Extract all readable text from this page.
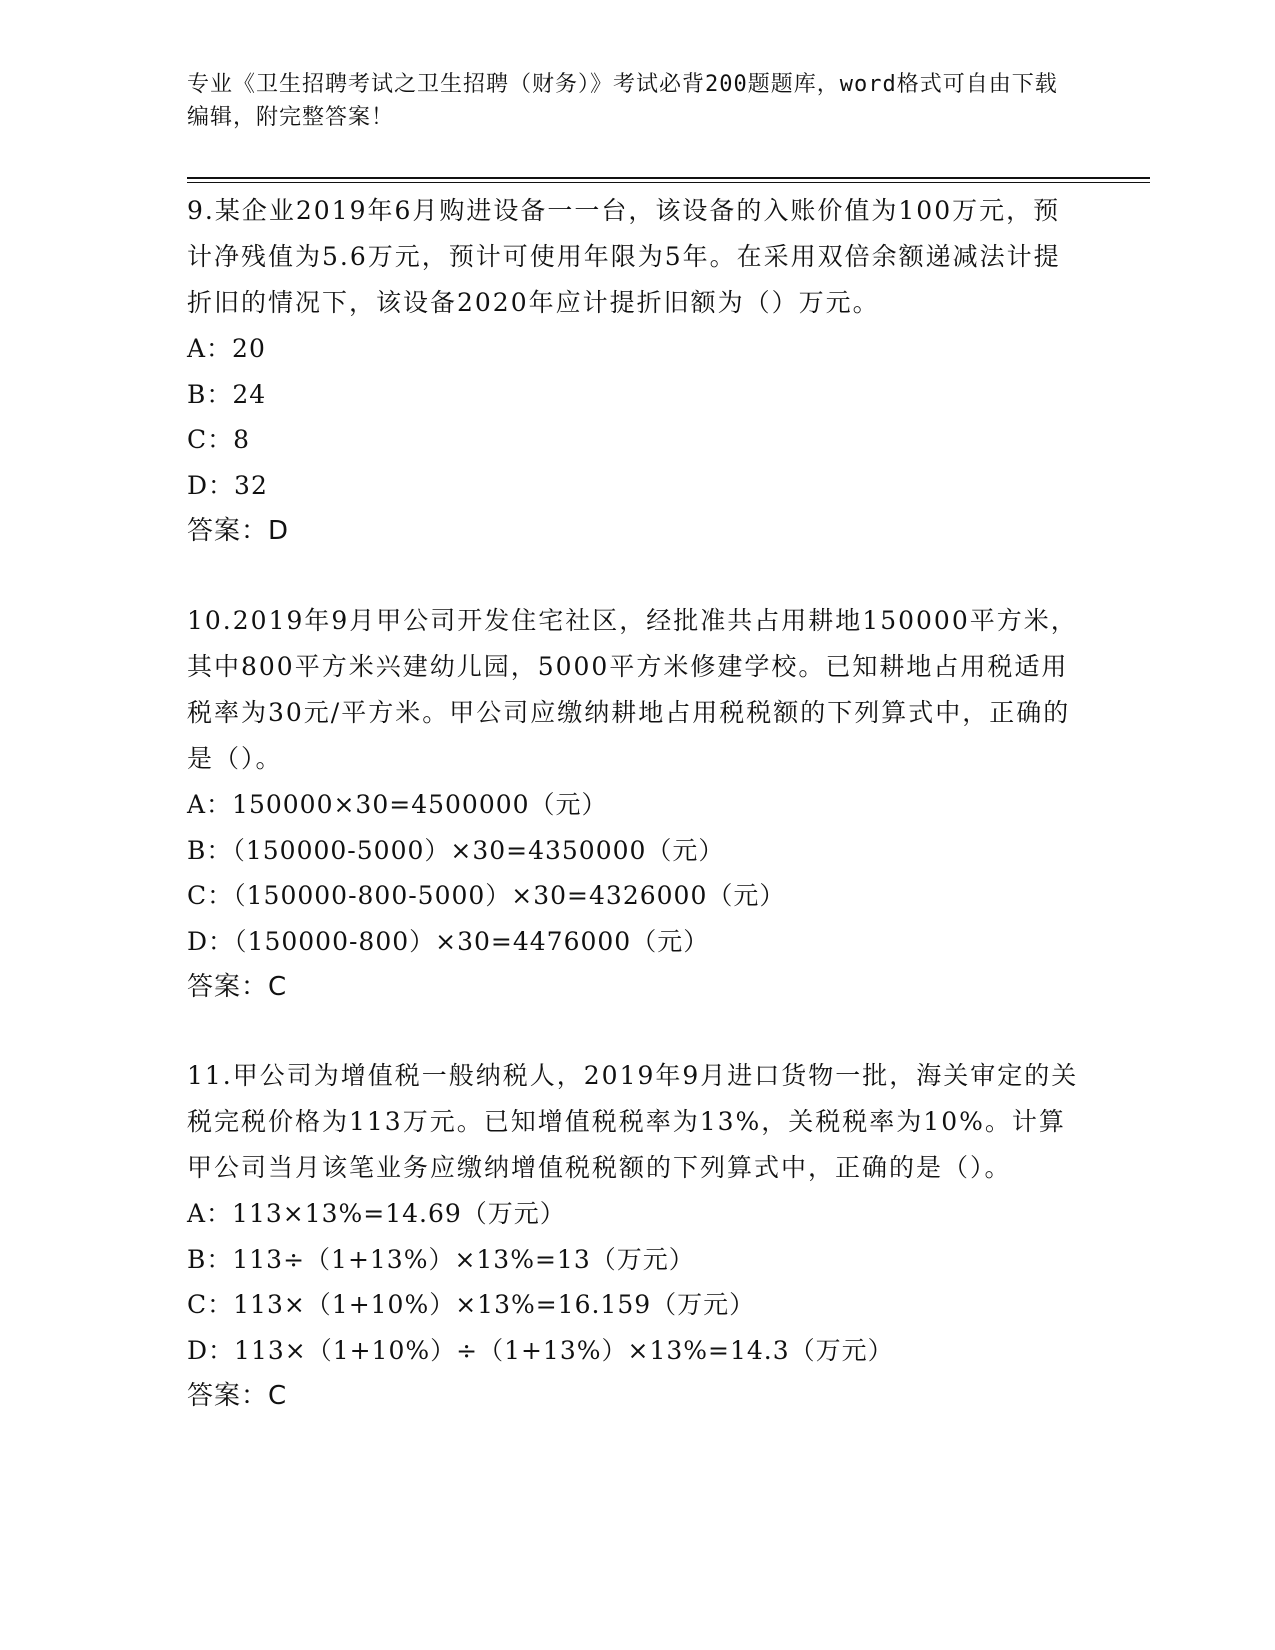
专业《卫生招聘考试之卫生招聘（财务）》考试必背200题题库，word格式可自由下载编辑，附完整答案！

9.某企业2019年6月购进设备一一台，该设备的入账价值为100万元，预计净残值为5.6万元，预计可使用年限为5年。在采用双倍余额递减法计提折旧的情况下，该设备2020年应计提折旧额为（）万元。

A：20

B：24

C：8

D：32

答案：D

10.2019年9月甲公司开发住宅社区，经批准共占用耕地150000平方米，其中800平方米兴建幼儿园，5000平方米修建学校。已知耕地占用税适用税率为30元/平方米。甲公司应缴纳耕地占用税税额的下列算式中，正确的是（）。

A：150000×30=4500000（元）

B：（150000-5000）×30=4350000（元）

C：（150000-800-5000）×30=4326000（元）

D：（150000-800）×30=4476000（元）

答案：C

11.甲公司为增值税一般纳税人，2019年9月进口货物一批，海关审定的关税完税价格为113万元。已知增值税税率为13%，关税税率为10%。计算甲公司当月该笔业务应缴纳增值税税额的下列算式中，正确的是（）。

A：113×13%=14.69（万元）

B：113÷（1+13%）×13%=13（万元）

C：113×（1+10%）×13%=16.159（万元）

D：113×（1+10%）÷（1+13%）×13%=14.3（万元）

答案：C
